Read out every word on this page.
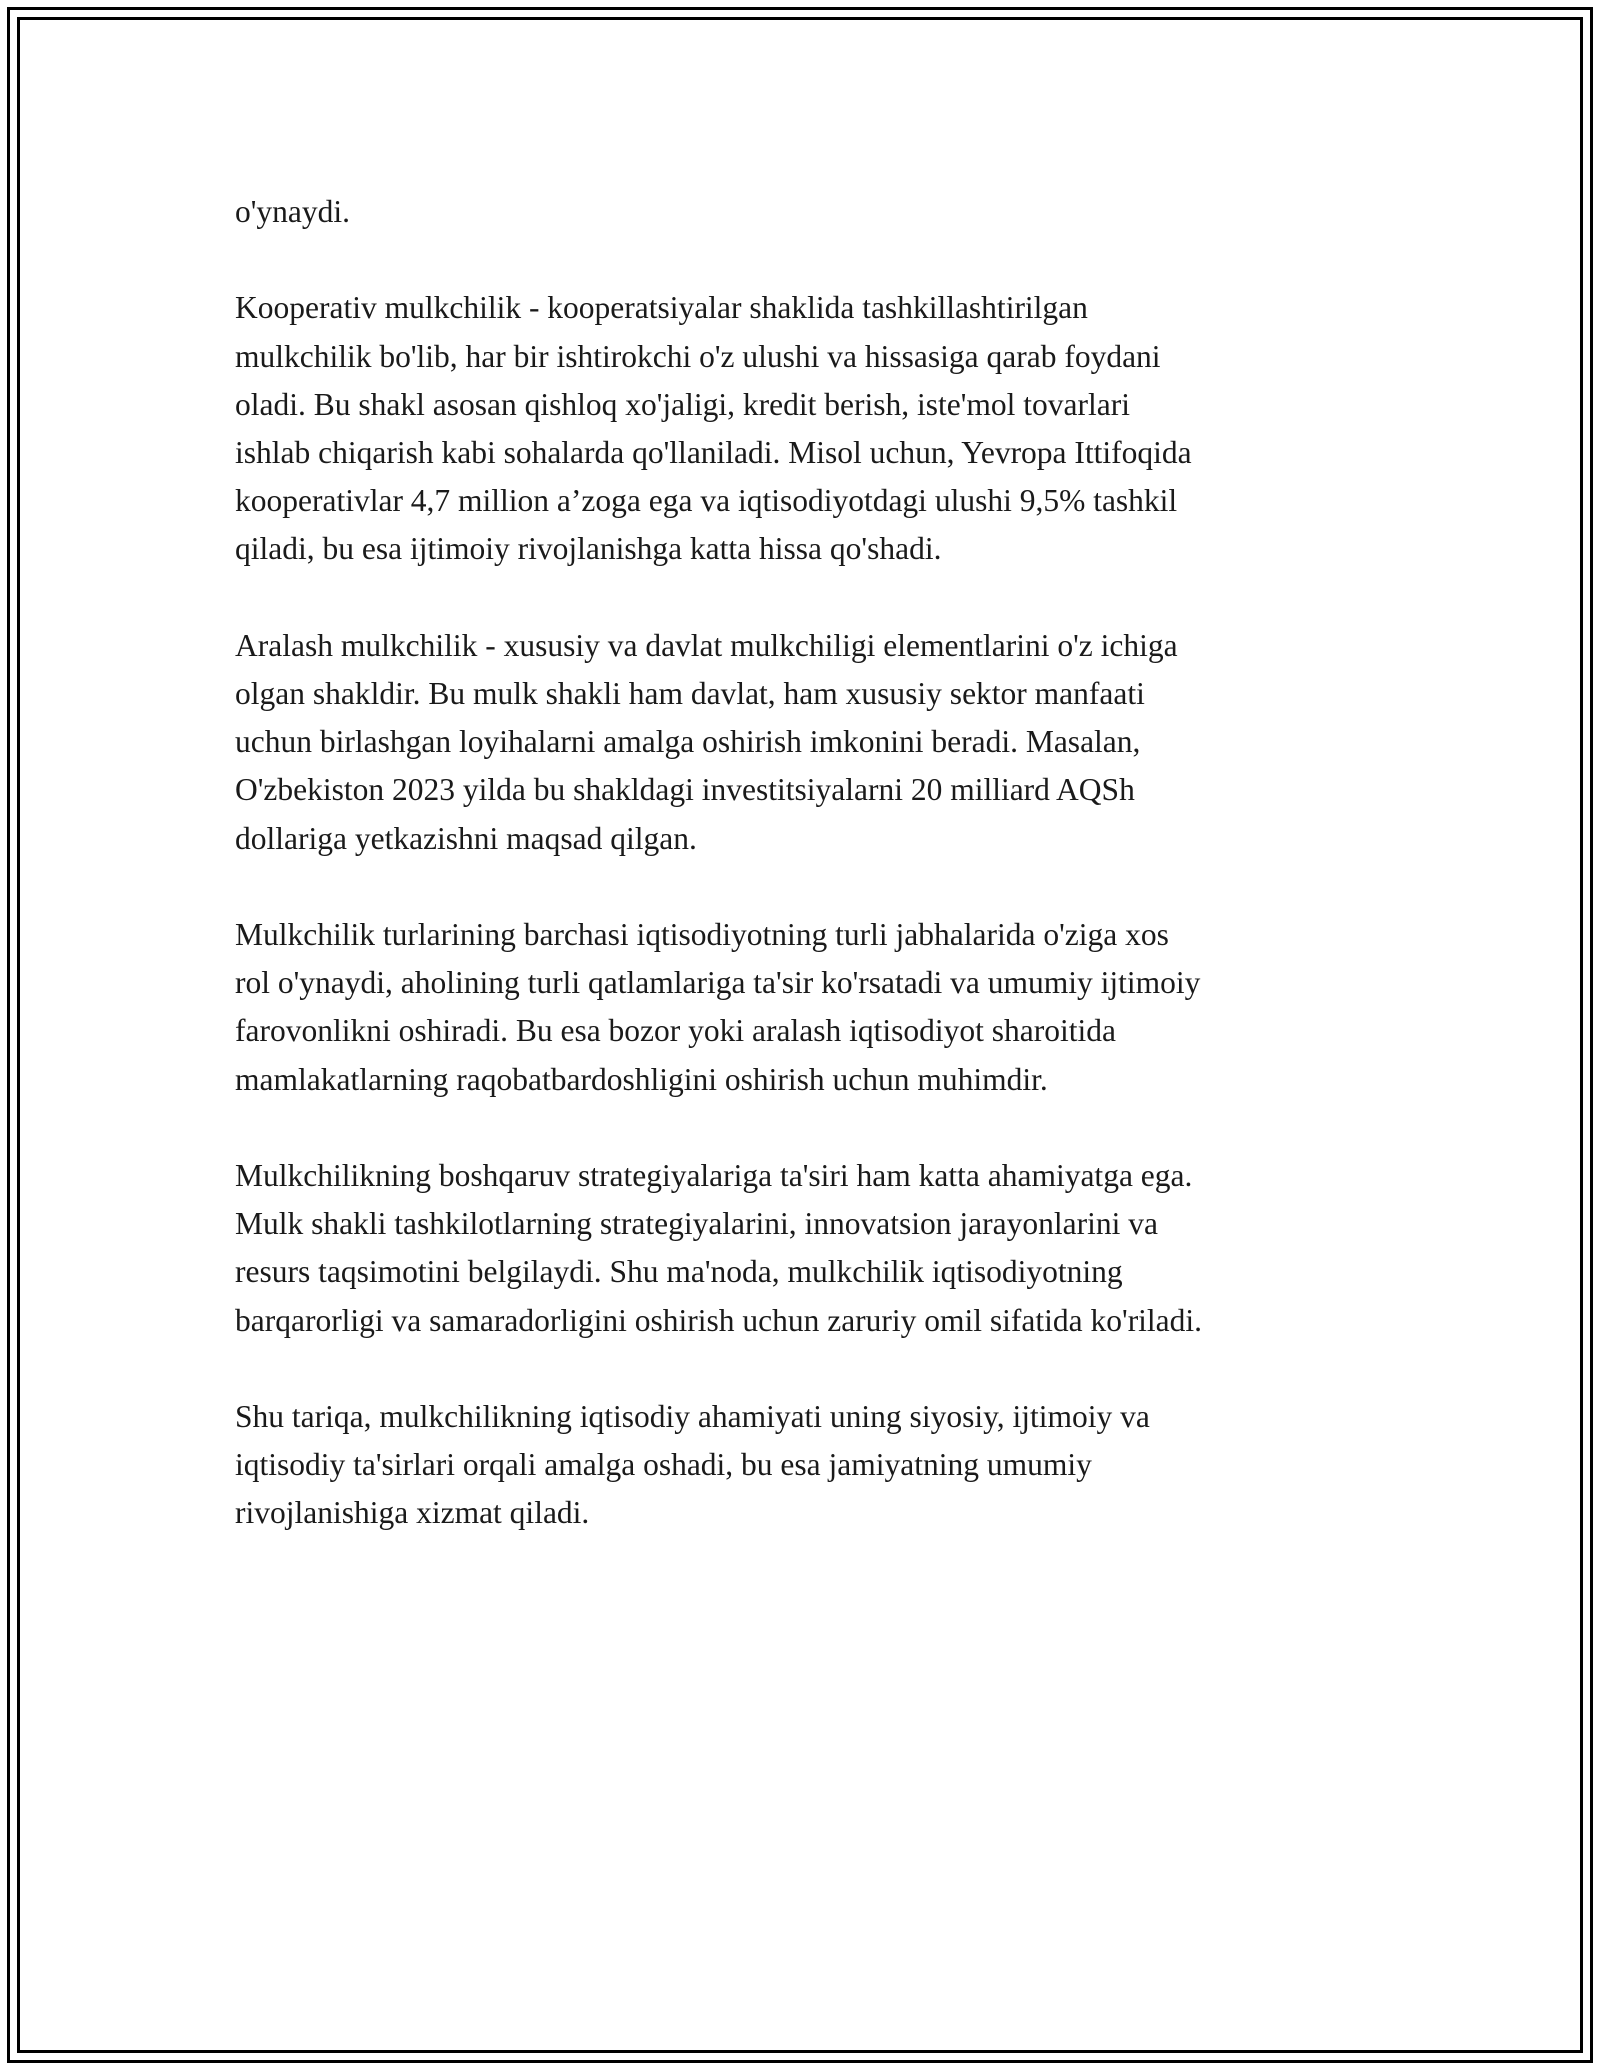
o'ynaydi.

Kooperativ mulkchilik - kooperatsiyalar shaklida tashkillashtirilgan
mulkchilik bo'lib, har bir ishtirokchi o'z ulushi va hissasiga qarab foydani
oladi. Bu shakl asosan qishloq xo'jaligi, kredit berish, iste'mol tovarlari
ishlab chiqarish kabi sohalarda qo'llaniladi. Misol uchun, Yevropa Ittifoqida
kooperativlar 4,7 million a’zoga ega va iqtisodiyotdagi ulushi 9,5% tashkil
qiladi, bu esa ijtimoiy rivojlanishga katta hissa qo'shadi.

Aralash mulkchilik - xususiy va davlat mulkchiligi elementlarini o'z ichiga
olgan shakldir. Bu mulk shakli ham davlat, ham xususiy sektor manfaati
uchun birlashgan loyihalarni amalga oshirish imkonini beradi. Masalan,
O'zbekiston 2023 yilda bu shakldagi investitsiyalarni 20 milliard AQSh
dollariga yetkazishni maqsad qilgan.

Mulkchilik turlarining barchasi iqtisodiyotning turli jabhalarida o'ziga xos
rol o'ynaydi, aholining turli qatlamlariga ta'sir ko'rsatadi va umumiy ijtimoiy
farovonlikni oshiradi. Bu esa bozor yoki aralash iqtisodiyot sharoitida
mamlakatlarning raqobatbardoshligini oshirish uchun muhimdir.

Mulkchilikning boshqaruv strategiyalariga ta'siri ham katta ahamiyatga ega.
Mulk shakli tashkilotlarning strategiyalarini, innovatsion jarayonlarini va
resurs taqsimotini belgilaydi. Shu ma'noda, mulkchilik iqtisodiyotning
barqarorligi va samaradorligini oshirish uchun zaruriy omil sifatida ko'riladi.

Shu tariqa, mulkchilikning iqtisodiy ahamiyati uning siyosiy, ijtimoiy va
iqtisodiy ta'sirlari orqali amalga oshadi, bu esa jamiyatning umumiy
rivojlanishiga xizmat qiladi.
